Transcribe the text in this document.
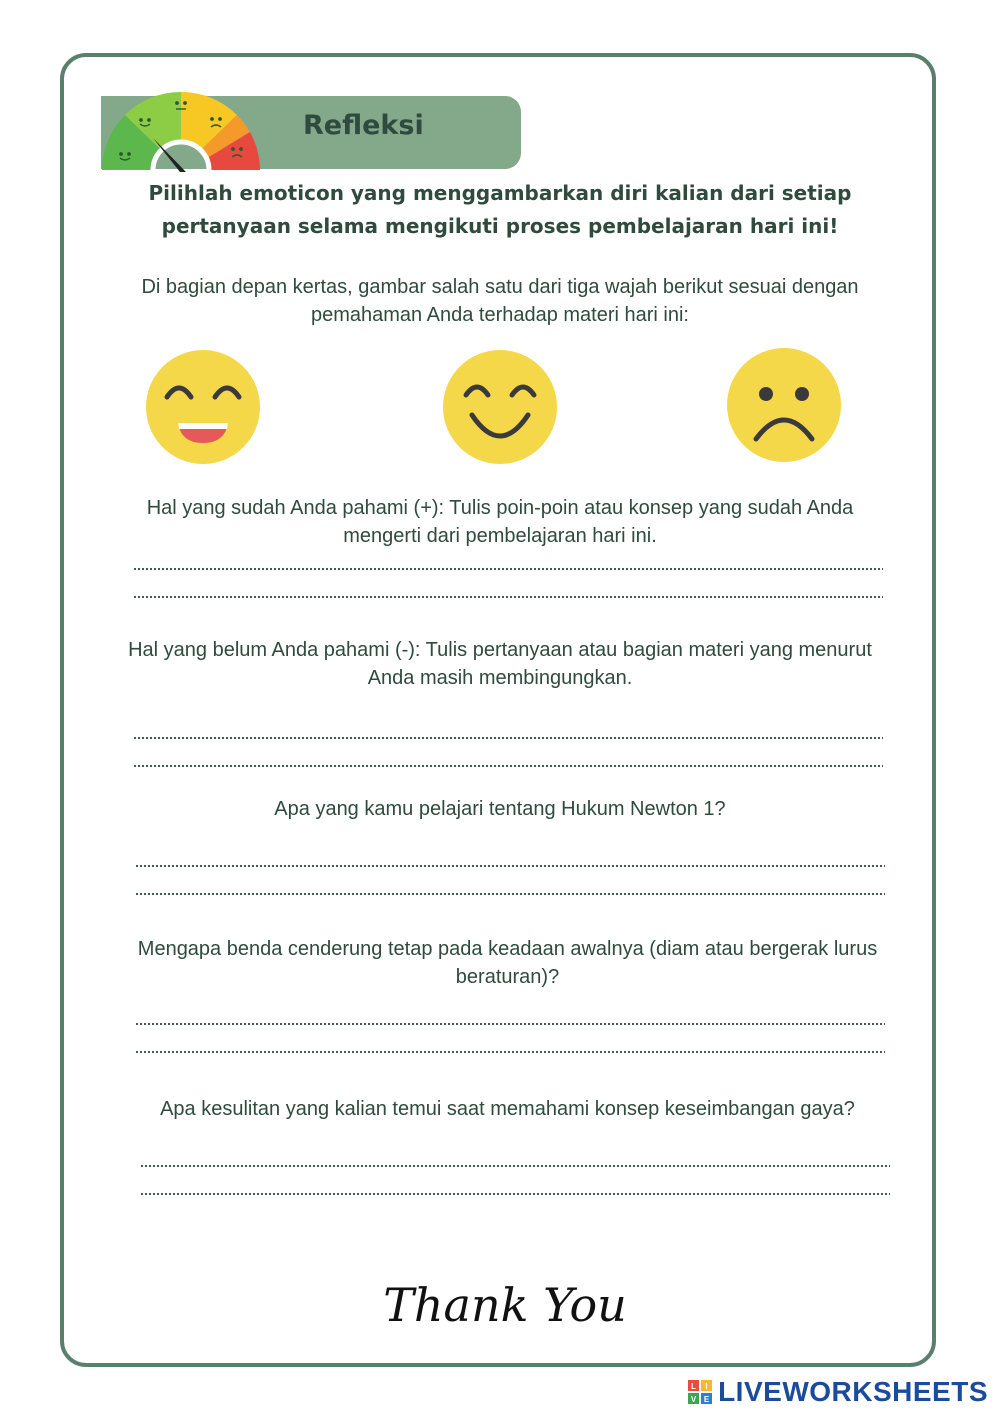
Refleksi
Pilihlah emoticon yang menggambarkan diri kalian dari setiap pertanyaan selama mengikuti proses pembelajaran hari ini!
Di bagian depan kertas, gambar salah satu dari tiga wajah berikut sesuai dengan pemahaman Anda terhadap materi hari ini:
Hal yang sudah Anda pahami (+): Tulis poin-poin atau konsep yang sudah Anda mengerti dari pembelajaran hari ini.
Hal yang belum Anda pahami (-): Tulis pertanyaan atau bagian materi yang menurut Anda masih membingungkan.
Apa yang kamu pelajari tentang Hukum Newton 1?
Mengapa benda cenderung tetap pada keadaan awalnya (diam atau bergerak lurus beraturan)?
Apa kesulitan yang kalian temui saat memahami konsep keseimbangan gaya?
Thank You
L I
V E LIVEWORKSHEETS
